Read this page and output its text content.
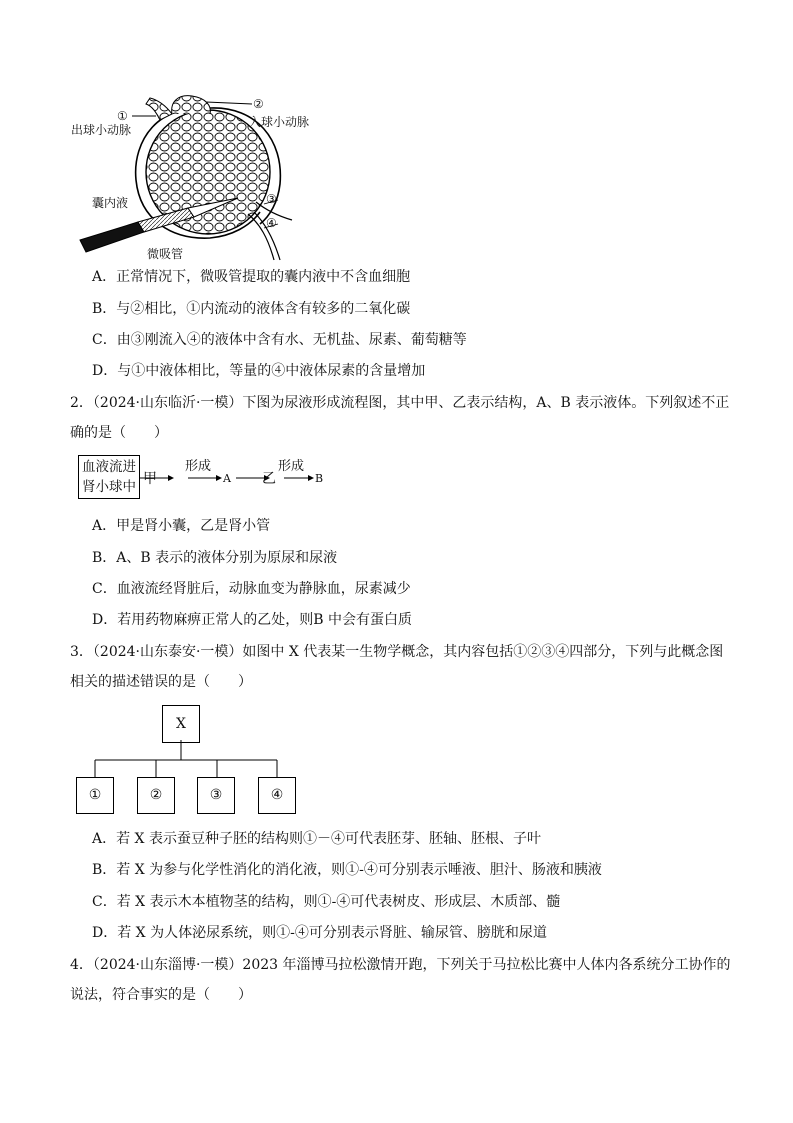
①
出球小动脉
②
入球小动脉
③
④
囊内液
微吸管
A．正常情况下，微吸管提取的囊内液中不含血细胞
B．与②相比，①内流动的液体含有较多的二氧化碳
C．由③刚流入④的液体中含有水、无机盐、尿素、葡萄糖等
D．与①中液体相比，等量的④中液体尿素的含量增加
2．（2024·山东临沂·一模）下图为尿液形成流程图，其中甲、乙表示结构，A、B 表示液体。下列叙述不正
确的是（　　）
血液流进
肾小球中 甲
形成
A 乙
形成
B
A．甲是肾小囊，乙是肾小管
B．A、B 表示的液体分别为原尿和尿液
C．血液流经肾脏后，动脉血变为静脉血，尿素减少
D．若用药物麻痹正常人的乙处，则B 中会有蛋白质
3．（2024·山东泰安·一模）如图中 X 代表某一生物学概念，其内容包括①②③④四部分，下列与此概念图
相关的描述错误的是（　　）
X
①	②	③	④
A．若 X 表示蚕豆种子胚的结构则①－④可代表胚芽、胚轴、胚根、子叶
B．若 X 为参与化学性消化的消化液，则①-④可分别表示唾液、胆汁、肠液和胰液
C．若 X 表示木本植物茎的结构，则①-④可代表树皮、形成层、木质部、髓
D．若 X 为人体泌尿系统，则①-④可分别表示肾脏、输尿管、膀胱和尿道
4．（2024·山东淄博·一模）2023 年淄博马拉松激情开跑，下列关于马拉松比赛中人体内各系统分工协作的
说法，符合事实的是（　　）
